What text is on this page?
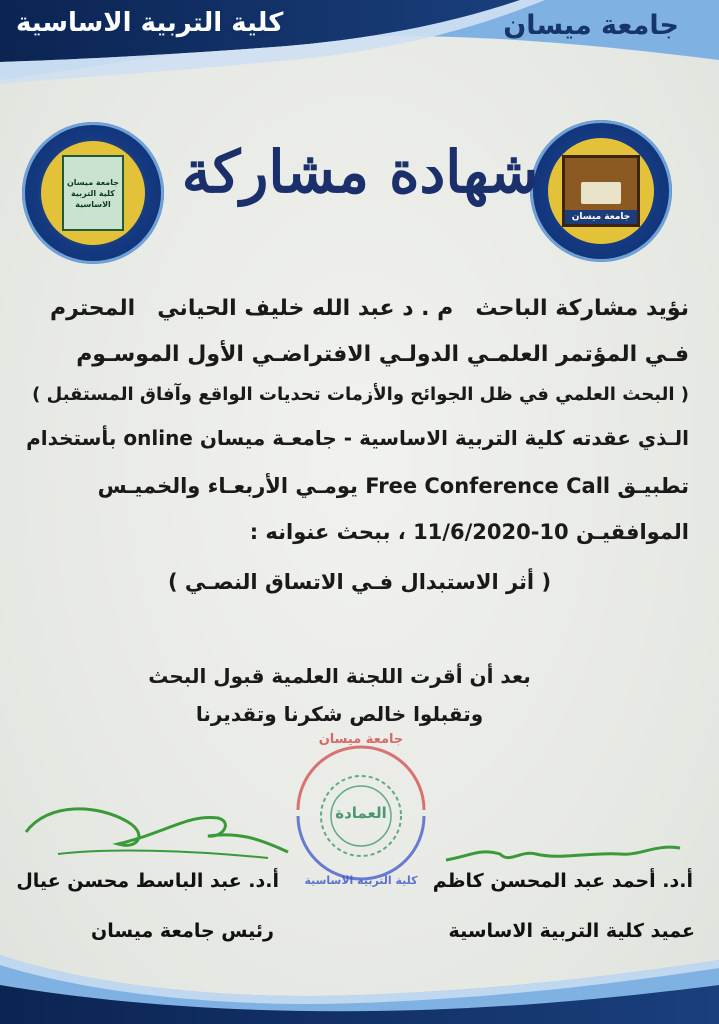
كلية التربية الاساسية	جامعة ميسان
جامعة ميسان كلية التربية الاساسية
جامعة ميسان
شهادة مشاركة
نؤيد مشاركة الباحث
م . د عبد الله خليف الحياني
المحترم
فـي المؤتمر العلمـي الدولـي الافتراضـي الأول الموسـوم
( البحث العلمي في ظل الجوائح والأزمات تحديات الواقع وآفاق المستقبل )
الـذي عقدته كلية التربية الاساسية - جامعـة ميسان online بأستخدام
تطبيـق Free Conference Call يومـي الأربعـاء والخميـس
الموافقيـن 10-11/6/2020 ، ببحث عنوانه :
( أثر الاستبدال فـي الاتساق النصـي )
بعد أن أقرت اللجنة العلمية قبول البحث
وتقبلوا خالص شكرنا وتقديرنا
جامعة ميسان
العمادة
كلية التربية الاساسية
أ.د. عبد الباسط محسن عيال
رئيس جامعة ميسان
أ.د. أحمد عبد المحسن كاظم
عميد كلية التربية الاساسية
